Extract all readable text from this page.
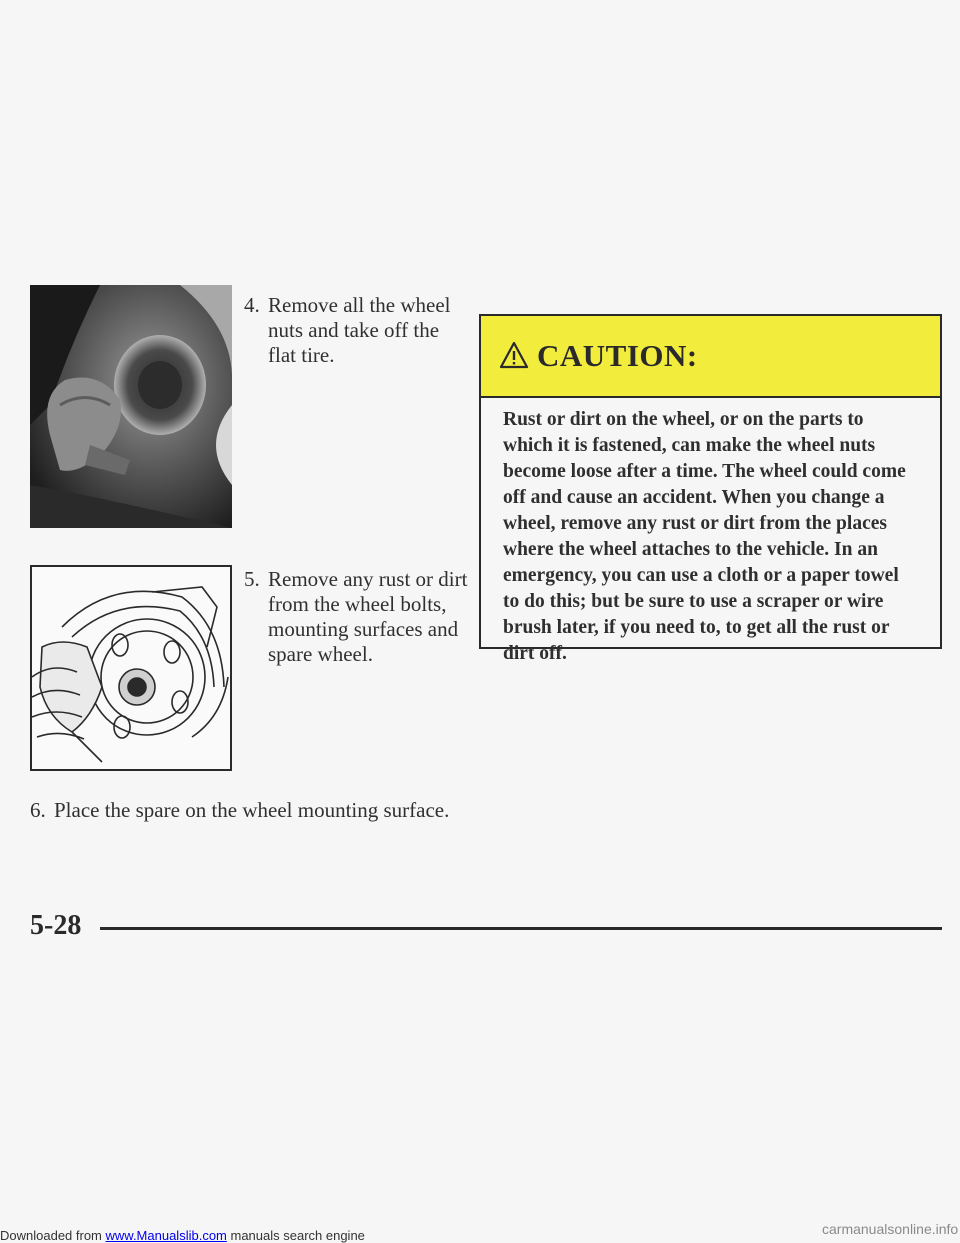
4. Remove all the wheel
nuts and take off the
flat tire.
5. Remove any rust or dirt
from the wheel bolts,
mounting surfaces and
spare wheel.
CAUTION:
Rust or dirt on the wheel, or on the parts to
which it is fastened, can make the wheel nuts
become loose after a time. The wheel could come
off and cause an accident. When you change a
wheel, remove any rust or dirt from the places
where the wheel attaches to the vehicle. In an
emergency, you can use a cloth or a paper towel
to do this; but be sure to use a scraper or wire
brush later, if you need to, to get all the rust or
dirt off.
6. Place the spare on the wheel mounting surface.
5-28
Downloaded from www.Manualslib.com manuals search engine	carmanualsonline.info
